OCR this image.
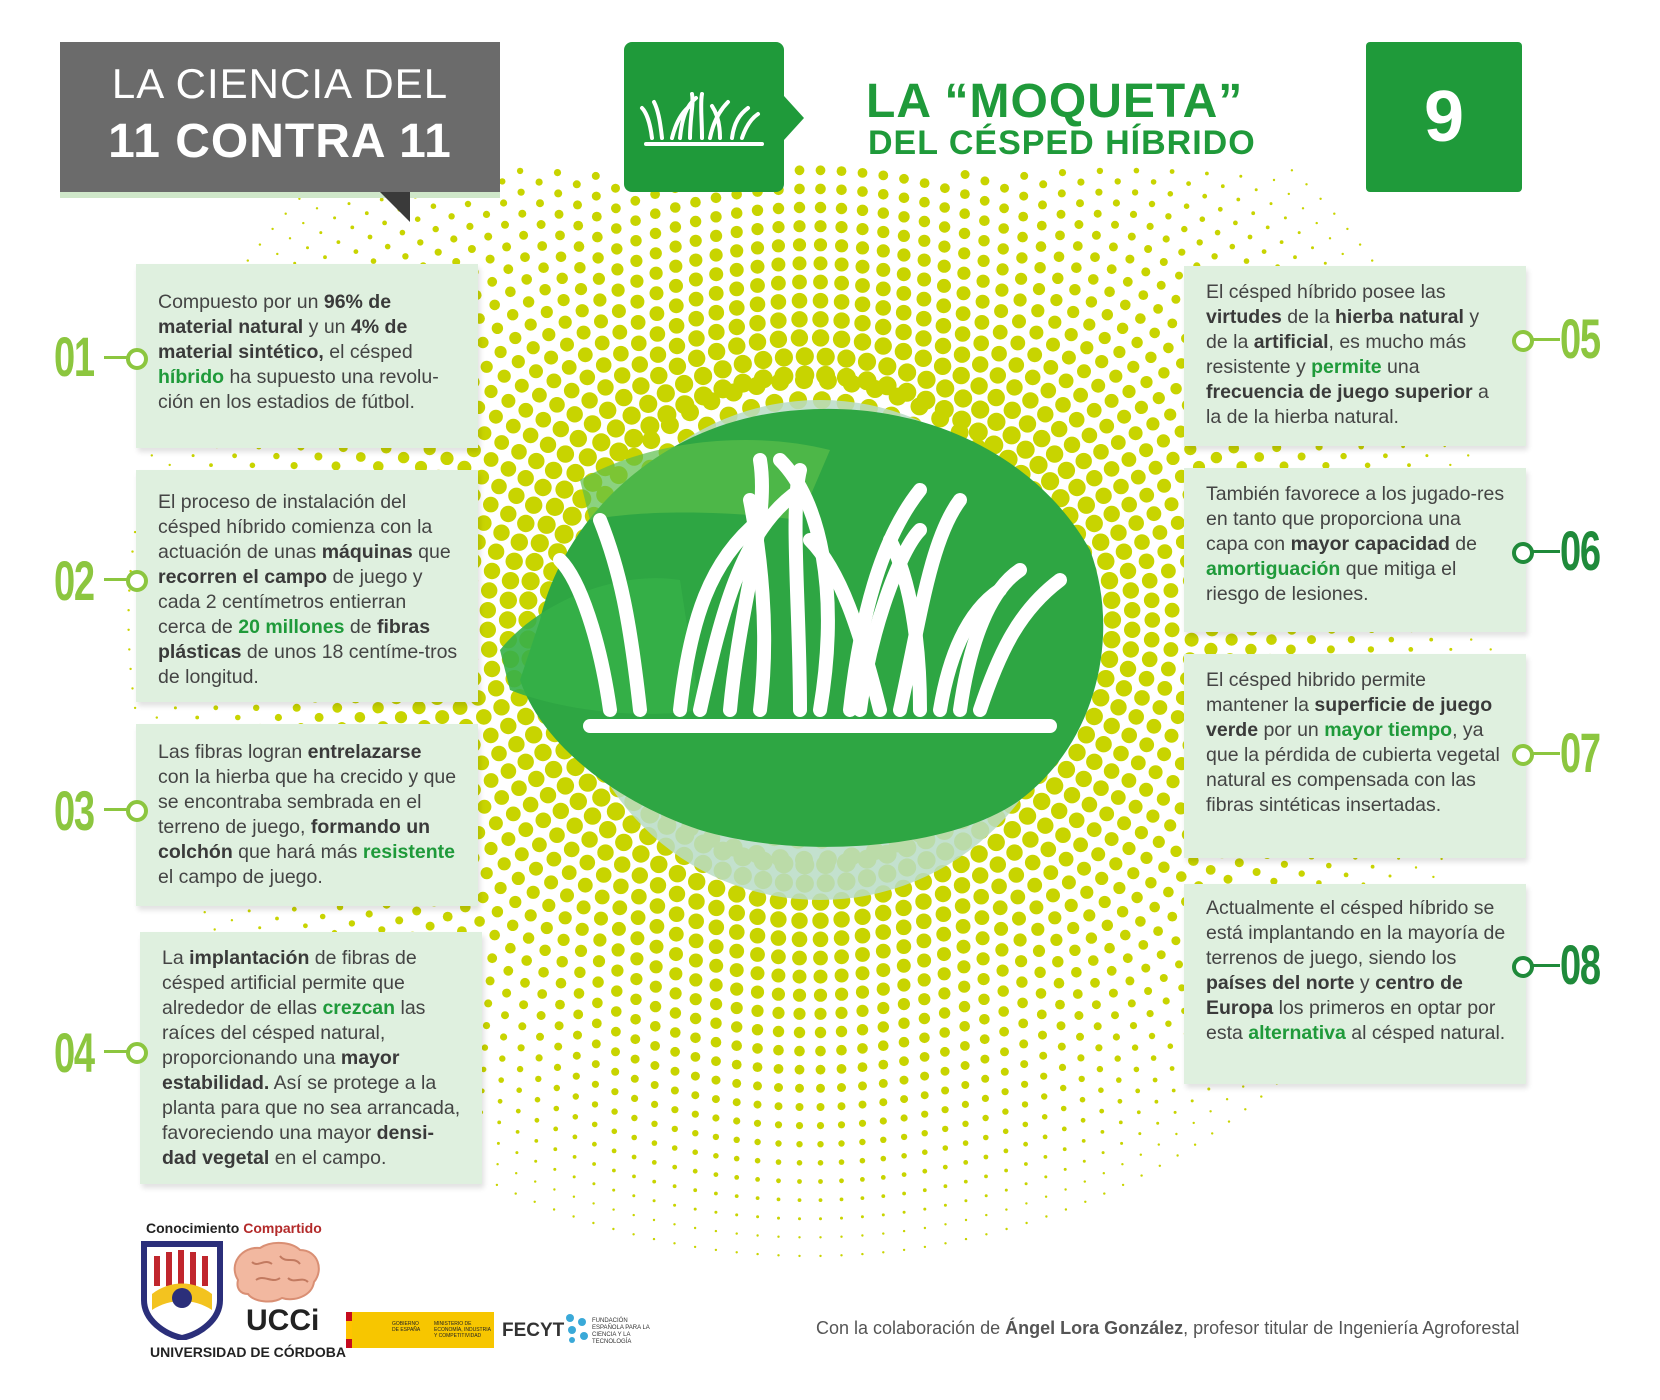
LA CIENCIA DEL
11 CONTRA 11
LA “MOQUETA”
DEL CÉSPED HÍBRIDO	9
Compuesto por un 96% de material natural y un 4% de material sintético, el césped híbrido ha supuesto una revolu-ción en los estadios de fútbol.
El proceso de instalación del césped híbrido comienza con la actuación de unas máquinas que recorren el campo de juego y cada 2 centímetros entierran cerca de 20 millones de fibras plásticas de unos 18 centíme-tros de longitud.
Las fibras logran entrelazarse con la hierba que ha crecido y que se encontraba sembrada en el terreno de juego, formando un colchón que hará más resistente el campo de juego.
La implantación de fibras de césped artificial permite que alrededor de ellas crezcan las raíces del césped natural, proporcionando una mayor estabilidad. Así se protege a la planta para que no sea arrancada, favoreciendo una mayor densi-dad vegetal en el campo.
01
02
03
04
El césped híbrido posee las virtudes de la hierba natural y de la artificial, es mucho más resistente y permite una frecuencia de juego superior a la de la hierba natural.
También favorece a los jugado-res en tanto que proporciona una capa con mayor capacidad de amortiguación que mitiga el riesgo de lesiones.
El césped hibrido permite mantener la superficie de juego verde por un mayor tiempo, ya que la pérdida de cubierta vegetal natural es compensada con las fibras sintéticas insertadas.
Actualmente el césped híbrido se está implantando en la mayoría de terrenos de juego, siendo los países del norte y centro de Europa los primeros en optar por esta alternativa al césped natural.
05
06
07
08
Conocimiento Compartido
UCCi
UNIVERSIDAD DE CÓRDOBA
GOBIERNO DE ESPAÑA
MINISTERIO DE ECONOMÍA, INDUSTRIA Y COMPETITIVIDAD	FECYT	FUNDACIÓN ESPAÑOLA PARA LA CIENCIA Y LA TECNOLOGÍA
Con la colaboración de Ángel Lora González, profesor titular de Ingeniería Agroforestal
